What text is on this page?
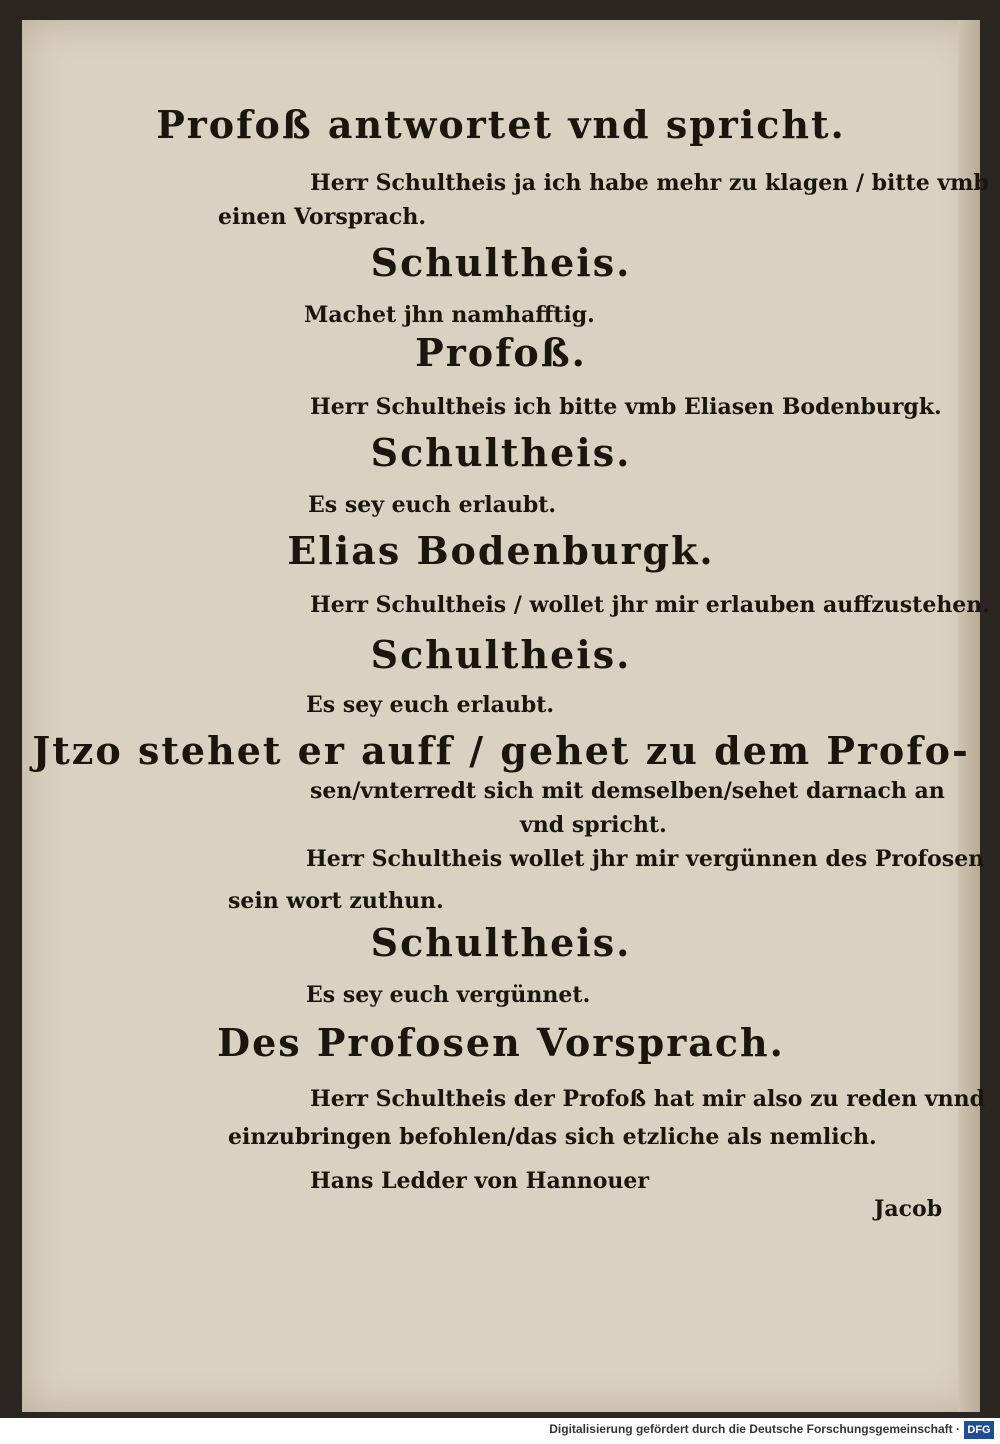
Profoß antwortet vnd spricht.
Herr Schultheis ja ich habe mehr zu klagen / bitte vmb
einen Vorsprach.
Schultheis.
Machet jhn namhafftig.
Profoß.
Herr Schultheis ich bitte vmb Eliasen Bodenburgk.
Schultheis.
Es sey euch erlaubt.
Elias Bodenburgk.
Herr Schultheis / wollet jhr mir erlauben auffzustehen.
Schultheis.
Es sey euch erlaubt.
Jtzo stehet er auff / gehet zu dem Profo-
sen/vnterredt sich mit demselben/sehet darnach an
vnd spricht.
Herr Schultheis wollet jhr mir vergünnen des Profosen
sein wort zuthun.
Schultheis.
Es sey euch vergünnet.
Des Profosen Vorsprach.
Herr Schultheis der Profoß hat mir also zu reden vnnd
einzubringen befohlen/das sich etzliche als nemlich.
Hans Ledder von Hannouer
Jacob
Digitalisierung gefördert durch die Deutsche Forschungsgemeinschaft · DFG
